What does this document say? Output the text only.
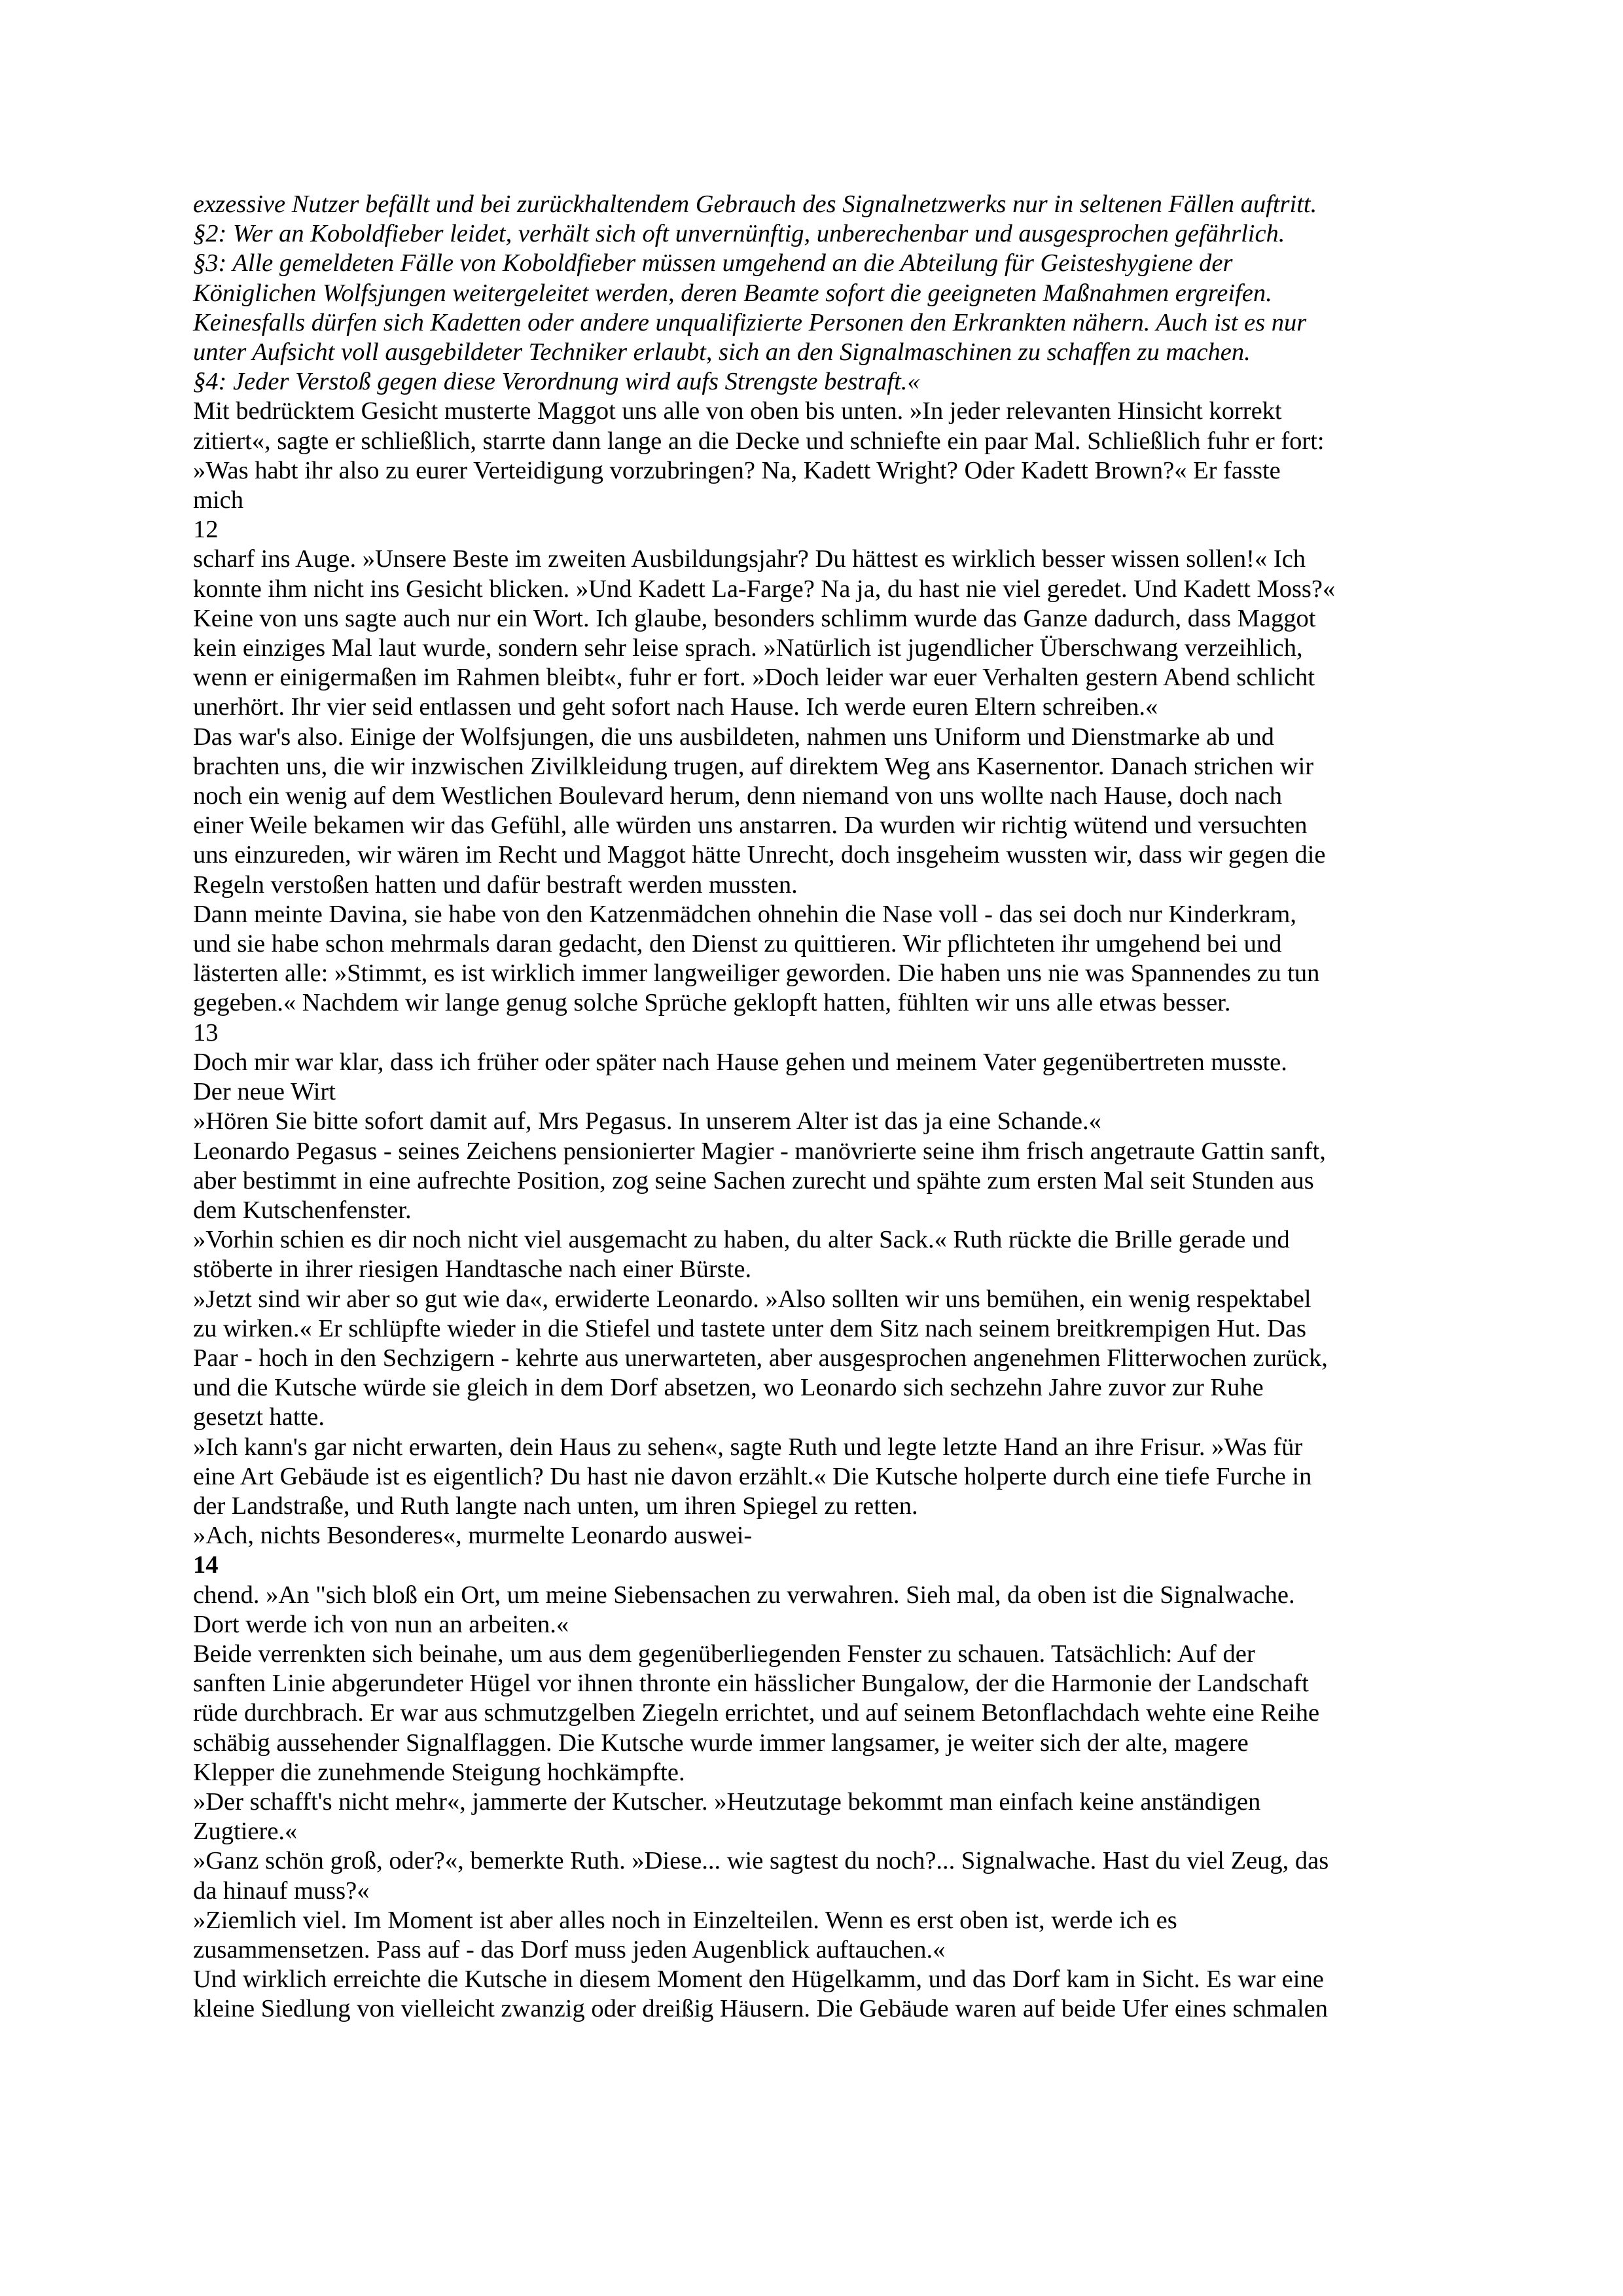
exzessive Nutzer befällt und bei zurückhaltendem Gebrauch des Signalnetzwerks nur in seltenen Fällen auftritt.
§2: Wer an Koboldfieber leidet, verhält sich oft unvernünftig, unberechenbar und ausgesprochen gefährlich.
§3: Alle gemeldeten Fälle von Koboldfieber müssen umgehend an die Abteilung für Geisteshygiene der
Königlichen Wolfsjungen weitergeleitet werden, deren Beamte sofort die geeigneten Maßnahmen ergreifen.
Keinesfalls dürfen sich Kadetten oder andere unqualifizierte Personen den Erkrankten nähern. Auch ist es nur
unter Aufsicht voll ausgebildeter Techniker erlaubt, sich an den Signalmaschinen zu schaffen zu machen.
§4: Jeder Verstoß gegen diese Verordnung wird aufs Strengste bestraft.«
Mit bedrücktem Gesicht musterte Maggot uns alle von oben bis unten. »In jeder relevanten Hinsicht korrekt
zitiert«, sagte er schließlich, starrte dann lange an die Decke und schniefte ein paar Mal. Schließlich fuhr er fort:
»Was habt ihr also zu eurer Verteidigung vorzubringen? Na, Kadett Wright? Oder Kadett Brown?« Er fasste
mich
12
scharf ins Auge. »Unsere Beste im zweiten Ausbildungsjahr? Du hättest es wirklich besser wissen sollen!« Ich
konnte ihm nicht ins Gesicht blicken. »Und Kadett La-Farge? Na ja, du hast nie viel geredet. Und Kadett Moss?«
Keine von uns sagte auch nur ein Wort. Ich glaube, besonders schlimm wurde das Ganze dadurch, dass Maggot
kein einziges Mal laut wurde, sondern sehr leise sprach. »Natürlich ist jugendlicher Überschwang verzeihlich,
wenn er einigermaßen im Rahmen bleibt«, fuhr er fort. »Doch leider war euer Verhalten gestern Abend schlicht
unerhört. Ihr vier seid entlassen und geht sofort nach Hause. Ich werde euren Eltern schreiben.«
Das war's also. Einige der Wolfsjungen, die uns ausbildeten, nahmen uns Uniform und Dienstmarke ab und
brachten uns, die wir inzwischen Zivilkleidung trugen, auf direktem Weg ans Kasernentor. Danach strichen wir
noch ein wenig auf dem Westlichen Boulevard herum, denn niemand von uns wollte nach Hause, doch nach
einer Weile bekamen wir das Gefühl, alle würden uns anstarren. Da wurden wir richtig wütend und versuchten
uns einzureden, wir wären im Recht und Maggot hätte Unrecht, doch insgeheim wussten wir, dass wir gegen die
Regeln verstoßen hatten und dafür bestraft werden mussten.
Dann meinte Davina, sie habe von den Katzenmädchen ohnehin die Nase voll - das sei doch nur Kinderkram,
und sie habe schon mehrmals daran gedacht, den Dienst zu quittieren. Wir pflichteten ihr umgehend bei und
lästerten alle: »Stimmt, es ist wirklich immer langweiliger geworden. Die haben uns nie was Spannendes zu tun
gegeben.« Nachdem wir lange genug solche Sprüche geklopft hatten, fühlten wir uns alle etwas besser.
13
Doch mir war klar, dass ich früher oder später nach Hause gehen und meinem Vater gegenübertreten musste.
Der neue Wirt
»Hören Sie bitte sofort damit auf, Mrs Pegasus. In unserem Alter ist das ja eine Schande.«
Leonardo Pegasus - seines Zeichens pensionierter Magier - manövrierte seine ihm frisch angetraute Gattin sanft,
aber bestimmt in eine aufrechte Position, zog seine Sachen zurecht und spähte zum ersten Mal seit Stunden aus
dem Kutschenfenster.
»Vorhin schien es dir noch nicht viel ausgemacht zu haben, du alter Sack.« Ruth rückte die Brille gerade und
stöberte in ihrer riesigen Handtasche nach einer Bürste.
»Jetzt sind wir aber so gut wie da«, erwiderte Leonardo. »Also sollten wir uns bemühen, ein wenig respektabel
zu wirken.« Er schlüpfte wieder in die Stiefel und tastete unter dem Sitz nach seinem breitkrempigen Hut. Das
Paar - hoch in den Sechzigern - kehrte aus unerwarteten, aber ausgesprochen angenehmen Flitterwochen zurück,
und die Kutsche würde sie gleich in dem Dorf absetzen, wo Leonardo sich sechzehn Jahre zuvor zur Ruhe
gesetzt hatte.
»Ich kann's gar nicht erwarten, dein Haus zu sehen«, sagte Ruth und legte letzte Hand an ihre Frisur. »Was für
eine Art Gebäude ist es eigentlich? Du hast nie davon erzählt.« Die Kutsche holperte durch eine tiefe Furche in
der Landstraße, und Ruth langte nach unten, um ihren Spiegel zu retten.
»Ach, nichts Besonderes«, murmelte Leonardo auswei-
14
chend. »An "sich bloß ein Ort, um meine Siebensachen zu verwahren. Sieh mal, da oben ist die Signalwache.
Dort werde ich von nun an arbeiten.«
Beide verrenkten sich beinahe, um aus dem gegenüberliegenden Fenster zu schauen. Tatsächlich: Auf der
sanften Linie abgerundeter Hügel vor ihnen thronte ein hässlicher Bungalow, der die Harmonie der Landschaft
rüde durchbrach. Er war aus schmutzgelben Ziegeln errichtet, und auf seinem Betonflachdach wehte eine Reihe
schäbig aussehender Signalflaggen. Die Kutsche wurde immer langsamer, je weiter sich der alte, magere
Klepper die zunehmende Steigung hochkämpfte.
»Der schafft's nicht mehr«, jammerte der Kutscher. »Heutzutage bekommt man einfach keine anständigen
Zugtiere.«
»Ganz schön groß, oder?«, bemerkte Ruth. »Diese... wie sagtest du noch?... Signalwache. Hast du viel Zeug, das
da hinauf muss?«
»Ziemlich viel. Im Moment ist aber alles noch in Einzelteilen. Wenn es erst oben ist, werde ich es
zusammensetzen. Pass auf - das Dorf muss jeden Augenblick auftauchen.«
Und wirklich erreichte die Kutsche in diesem Moment den Hügelkamm, und das Dorf kam in Sicht. Es war eine
kleine Siedlung von vielleicht zwanzig oder dreißig Häusern. Die Gebäude waren auf beide Ufer eines schmalen
